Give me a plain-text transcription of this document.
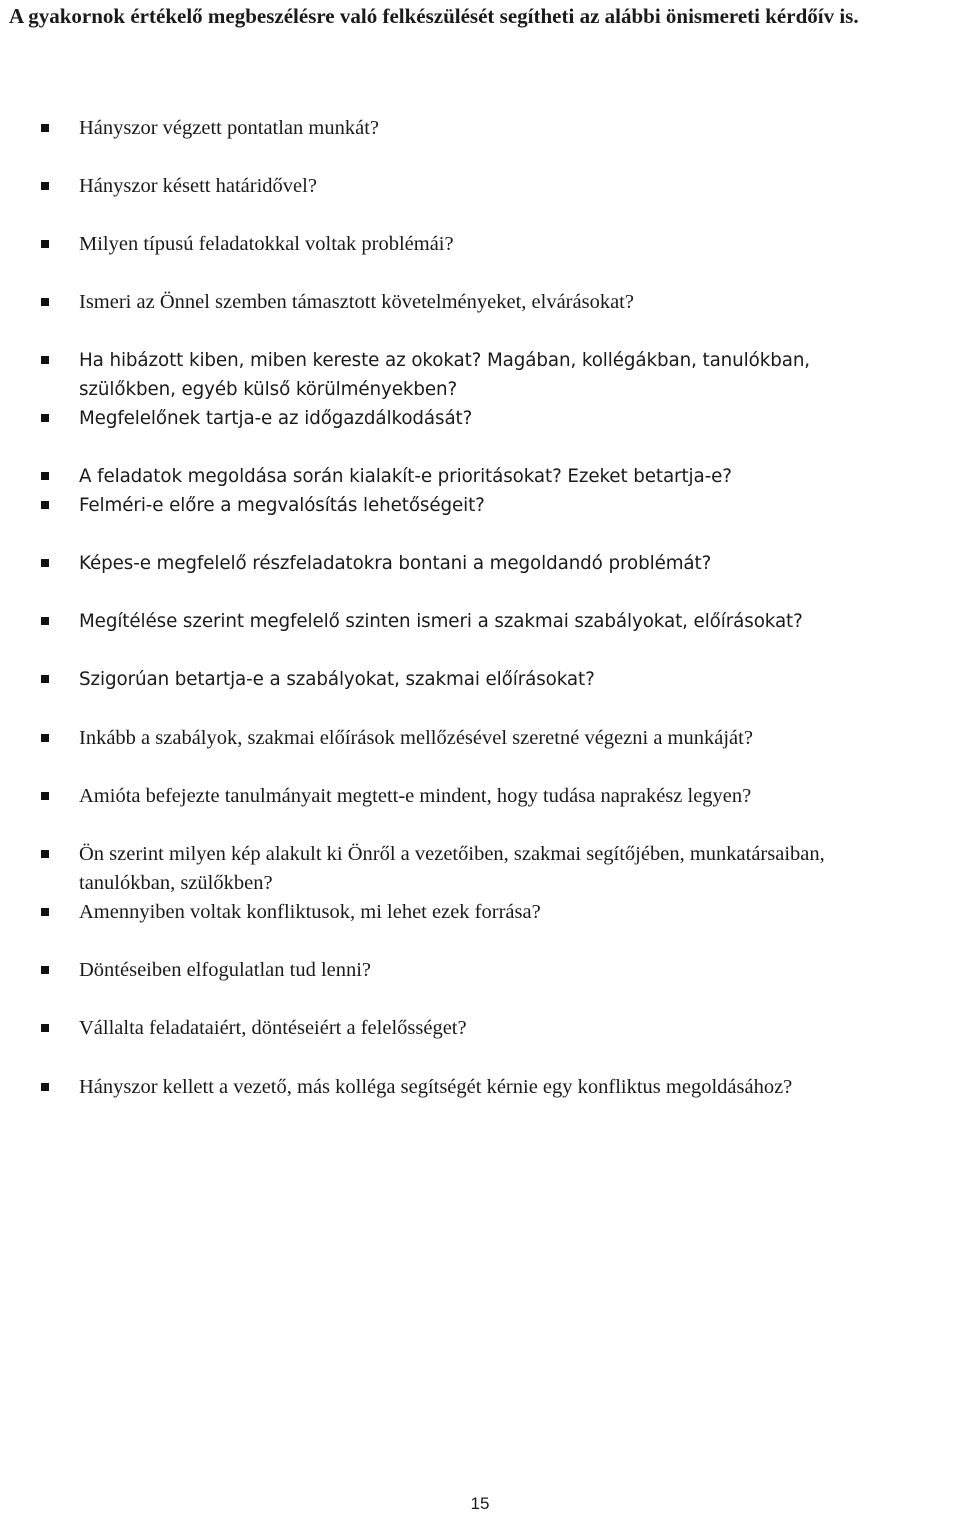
A gyakornok értékelő megbeszélésre való felkészülését segítheti az alábbi önismereti kérdőív is.
Hányszor végzett pontatlan munkát?
Hányszor késett határidővel?
Milyen típusú feladatokkal voltak problémái?
Ismeri az Önnel szemben támasztott követelményeket, elvárásokat?
Ha hibázott kiben, miben kereste az okokat? Magában, kollégákban, tanulókban, szülőkben, egyéb külső körülményekben?
Megfelelőnek tartja-e az időgazdálkodását?
A feladatok megoldása során kialakít-e prioritásokat? Ezeket betartja-e?
Felméri-e előre a megvalósítás lehetőségeit?
Képes-e megfelelő részfeladatokra bontani a megoldandó problémát?
Megítélése szerint megfelelő szinten ismeri a szakmai szabályokat, előírásokat?
Szigorúan betartja-e a szabályokat, szakmai előírásokat?
Inkább a szabályok, szakmai előírások mellőzésével szeretné végezni a munkáját?
Amióta befejezte tanulmányait megtett-e mindent, hogy tudása naprakész legyen?
Ön szerint milyen kép alakult ki Önről a vezetőiben, szakmai segítőjében, munkatársaiban, tanulókban, szülőkben?
Amennyiben voltak konfliktusok, mi lehet ezek forrása?
Döntéseiben elfogulatlan tud lenni?
Vállalta feladataiért, döntéseiért a felelősséget?
Hányszor kellett a vezető, más kolléga segítségét kérnie egy konfliktus megoldásához?
15
